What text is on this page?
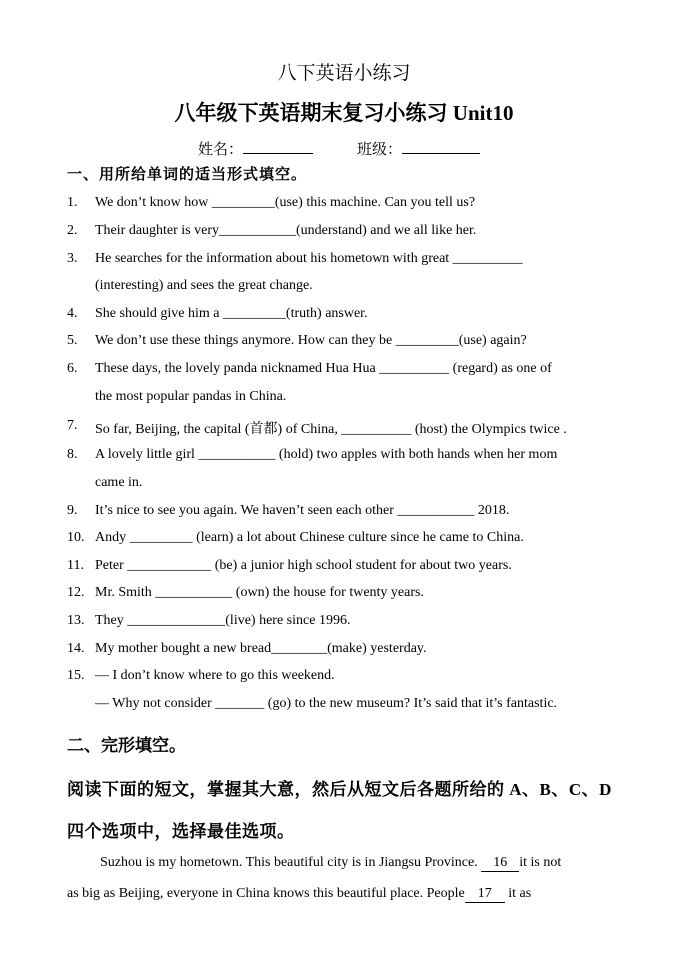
八下英语小练习
八年级下英语期末复习小练习 Unit10
姓名：	班级：
一、用所给单词的适当形式填空。
1. We don’t know how _________(use) this machine. Can you tell us?
2. Their daughter is very___________(understand) and we all like her.
3. He searches for the information about his hometown with great __________
(interesting) and sees the great change.
4. She should give him a _________(truth) answer.
5. We don’t use these things anymore. How can they be _________(use) again?
6. These days, the lovely panda nicknamed Hua Hua __________ (regard) as one of
the most popular pandas in China.
7. So far, Beijing, the capital (首都) of China, __________ (host) the Olympics twice .
8. A lovely little girl ___________ (hold) two apples with both hands when her mom
came in.
9. It’s nice to see you again. We haven’t seen each other ___________ 2018.
10. Andy _________ (learn) a lot about Chinese culture since he came to China.
11. Peter ____________ (be) a junior high school student for about two years.
12. Mr. Smith ___________ (own) the house for twenty years.
13. They ______________(live) here since 1996.
14. My mother bought a new bread________(make) yesterday.
15. — I don’t know where to go this weekend.
— Why not consider _______ (go) to the new museum? It’s said that it’s fantastic.
二、完形填空。
阅读下面的短文，掌握其大意，然后从短文后各题所给的 A、B、C、D
四个选项中，选择最佳选项。
Suzhou is my hometown. This beautiful city is in Jiangsu Province. 16 it is not
as big as Beijing, everyone in China knows this beautiful place. People 17 it as
